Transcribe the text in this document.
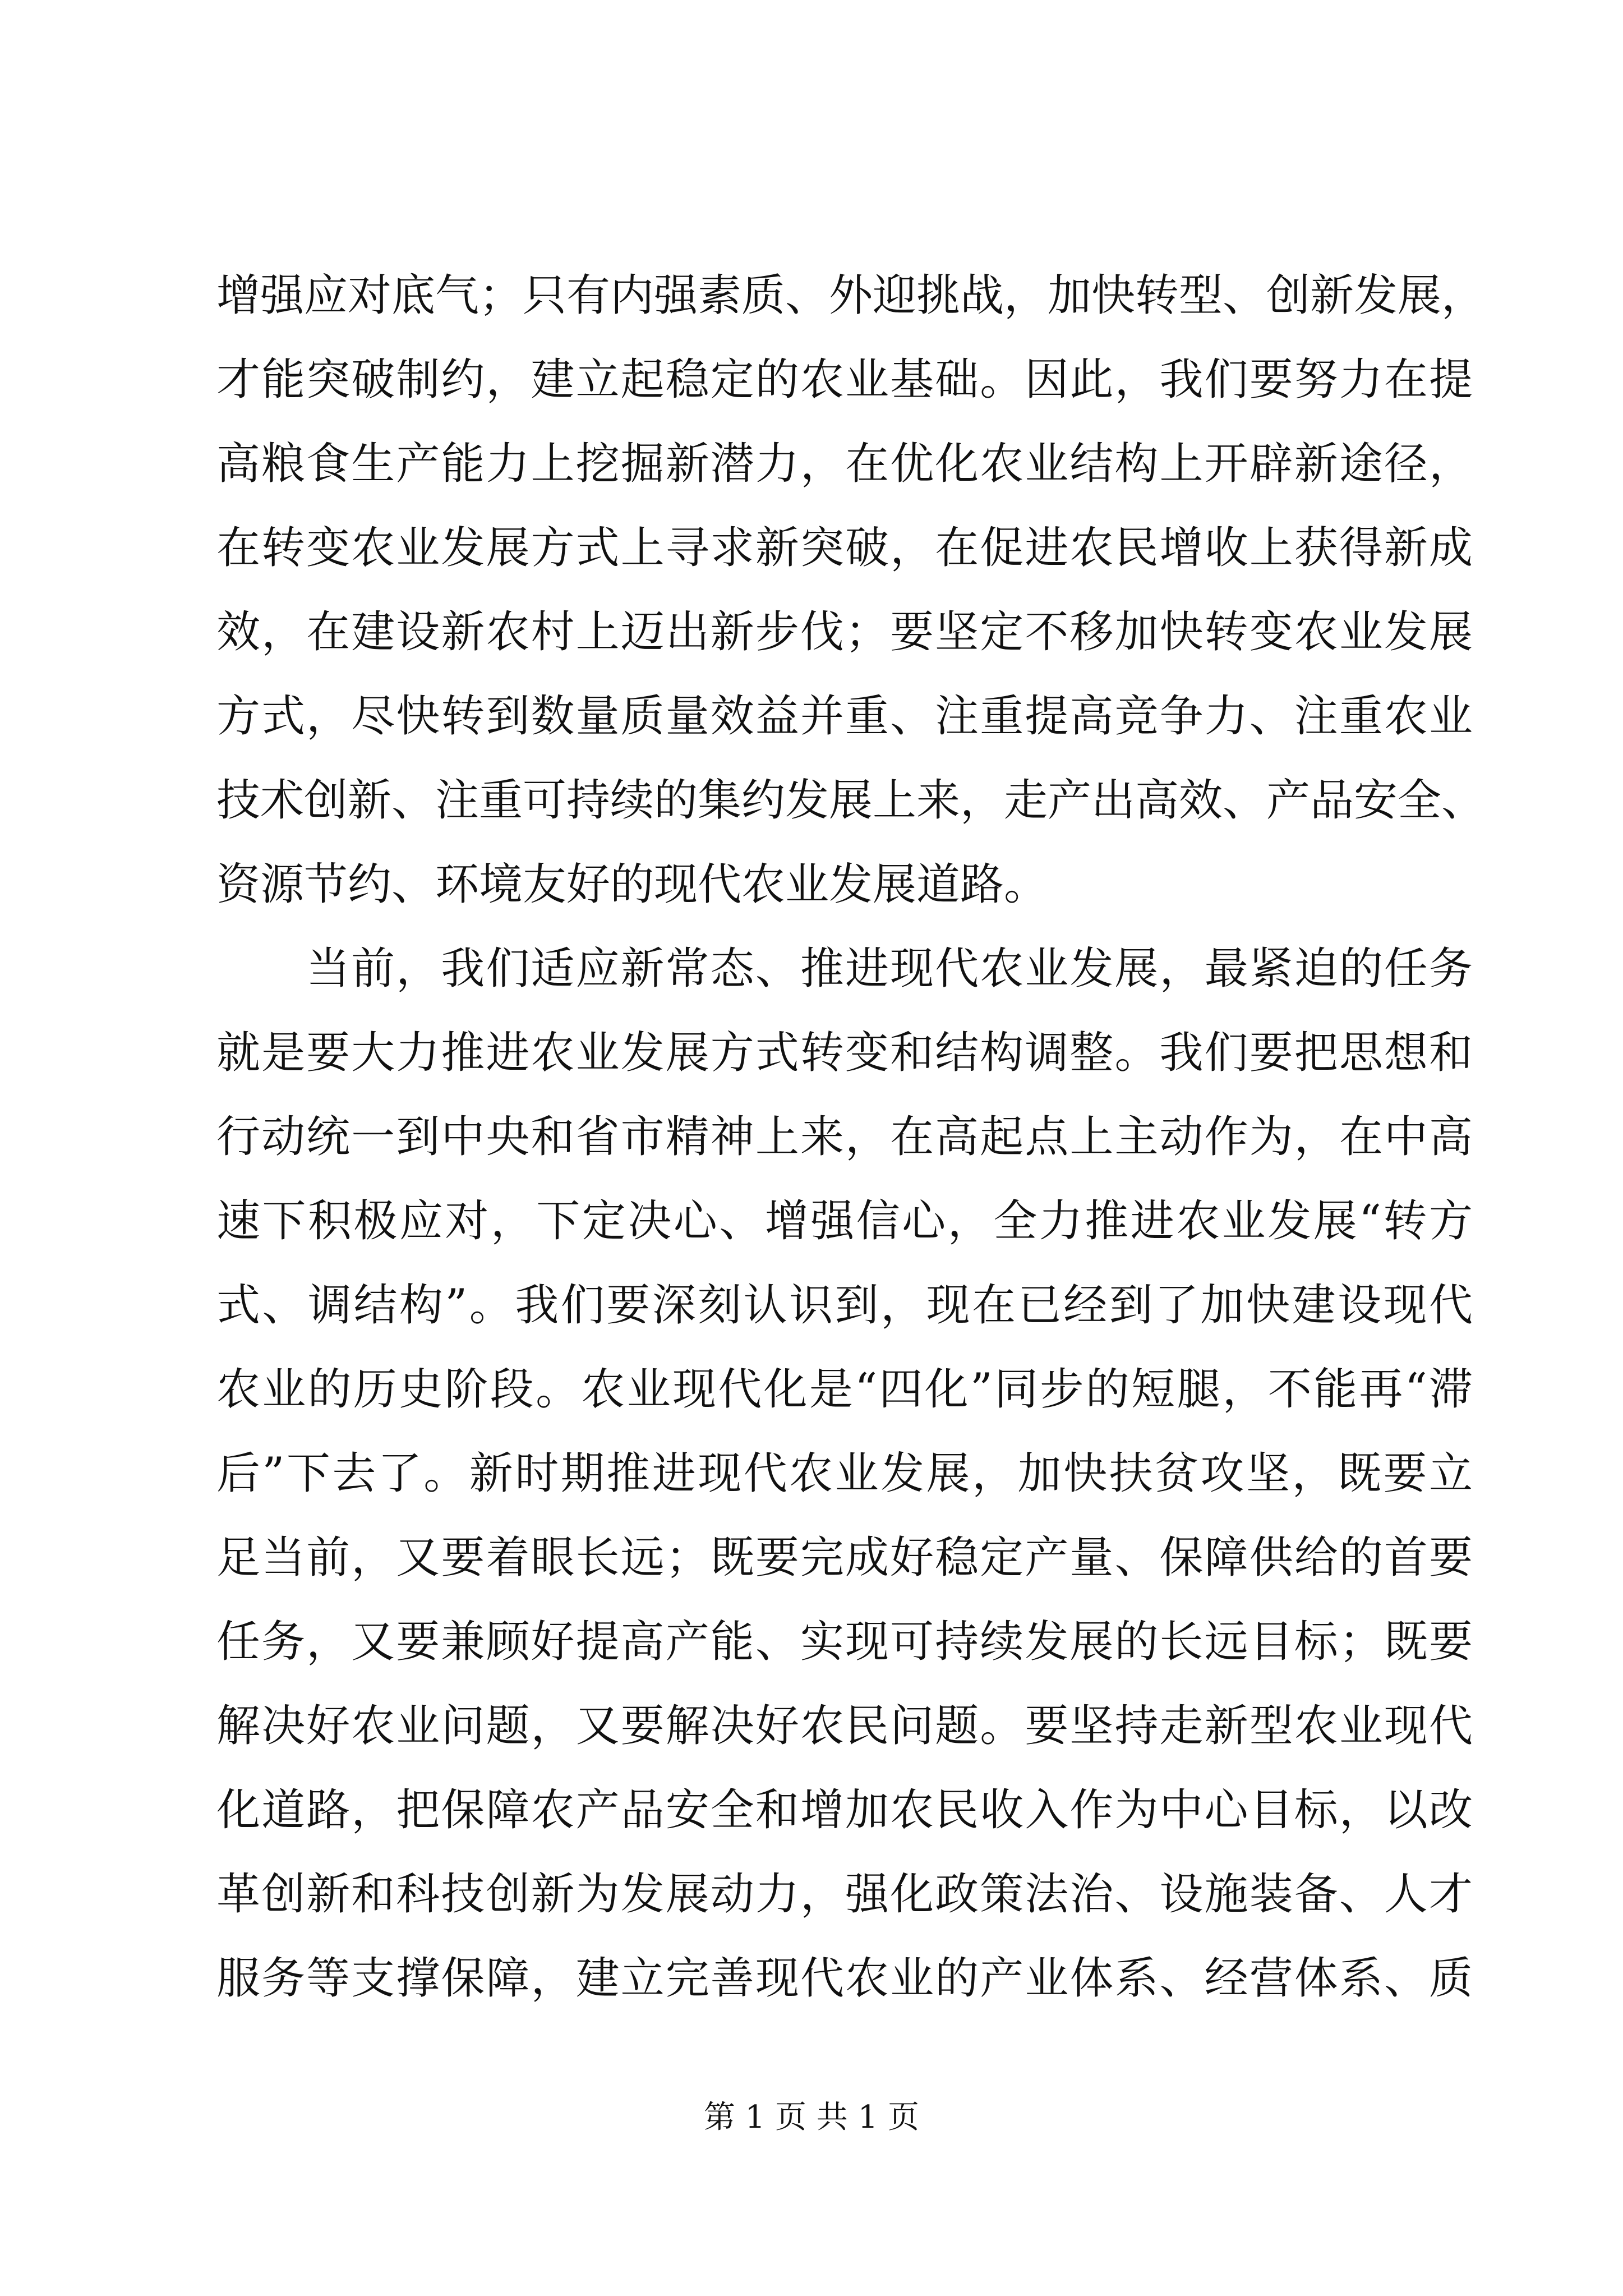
增强应对底气；只有内强素质、外迎挑战，加快转型、创新发展，
才能突破制约，建立起稳定的农业基础。因此，我们要努力在提
高粮食生产能力上挖掘新潜力，在优化农业结构上开辟新途径，
在转变农业发展方式上寻求新突破，在促进农民增收上获得新成
效，在建设新农村上迈出新步伐；要坚定不移加快转变农业发展
方式，尽快转到数量质量效益并重、注重提高竞争力、注重农业
技术创新、注重可持续的集约发展上来，走产出高效、产品安全、
资源节约、环境友好的现代农业发展道路。
当前，我们适应新常态、推进现代农业发展，最紧迫的任务
就是要大力推进农业发展方式转变和结构调整。我们要把思想和
行动统一到中央和省市精神上来，在高起点上主动作为，在中高
速下积极应对，下定决心、增强信心，全力推进农业发展“转方
式、调结构”。我们要深刻认识到，现在已经到了加快建设现代
农业的历史阶段。农业现代化是“四化”同步的短腿，不能再“滞
后”下去了。新时期推进现代农业发展，加快扶贫攻坚，既要立
足当前，又要着眼长远；既要完成好稳定产量、保障供给的首要
任务，又要兼顾好提高产能、实现可持续发展的长远目标；既要
解决好农业问题，又要解决好农民问题。要坚持走新型农业现代
化道路，把保障农产品安全和增加农民收入作为中心目标，以改
革创新和科技创新为发展动力，强化政策法治、设施装备、人才
服务等支撑保障，建立完善现代农业的产业体系、经营体系、质
第 1 页 共 1 页
